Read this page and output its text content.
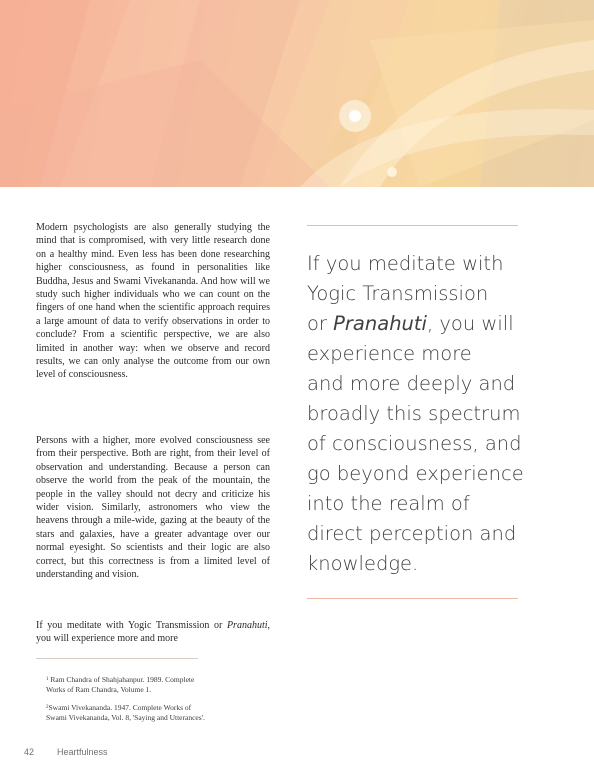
Modern psychologists are also generally studying the mind that is compromised, with very little research done on a healthy mind. Even less has been done researching higher consciousness, as found in personalities like Buddha, Jesus and Swami Vivekananda. And how will we study such higher individuals who we can count on the fingers of one hand when the scientific approach requires a large amount of data to verify observations in order to conclude? From a scientific perspective, we are also limited in another way: when we observe and record results, we can only analyse the outcome from our own level of consciousness.

Persons with a higher, more evolved consciousness see from their perspective. Both are right, from their level of observation and understanding. Because a person can observe the world from the peak of the mountain, the people in the valley should not decry and criticize his wider vision. Similarly, astronomers who view the heavens through a mile-wide, gazing at the beauty of the stars and galaxies, have a greater advantage over our normal eyesight. So scientists and their logic are also correct, but this correctness is from a limited level of understanding and vision.

If you meditate with Yogic Transmission or Pranahuti, you will experience more and more

$^1$ Ram Chandra of Shahjahanpur. 1989. Complete
Works of Ram Chandra, Volume 1.
$^2$Swami Vivekananda. 1947. Complete Works of
Swami Vivekananda, Vol. 8, 'Saying and Utterances'.
If you meditate with
Yogic Transmission
or Pranahuti, you will
experience more
and more deeply and
broadly this spectrum
of consciousness, and
go beyond experience
into the realm of
direct perception and
knowledge.
42	Heartfulness
